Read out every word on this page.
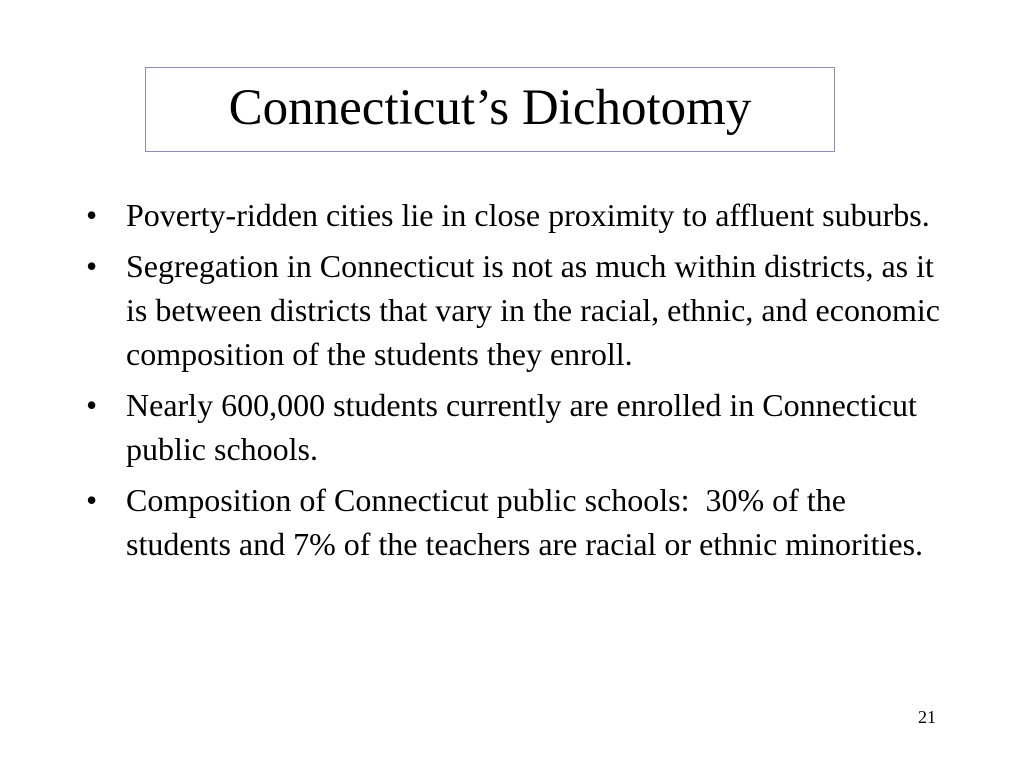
Connecticut’s Dichotomy
• Poverty-ridden cities lie in close proximity to affluent suburbs.
• Segregation in Connecticut is not as much within districts, as it is between districts that vary in the racial, ethnic, and economic composition of the students they enroll.
• Nearly 600,000 students currently are enrolled in Connecticut public schools.
• Composition of Connecticut public schools:  30% of the students and 7% of the teachers are racial or ethnic minorities.
21
